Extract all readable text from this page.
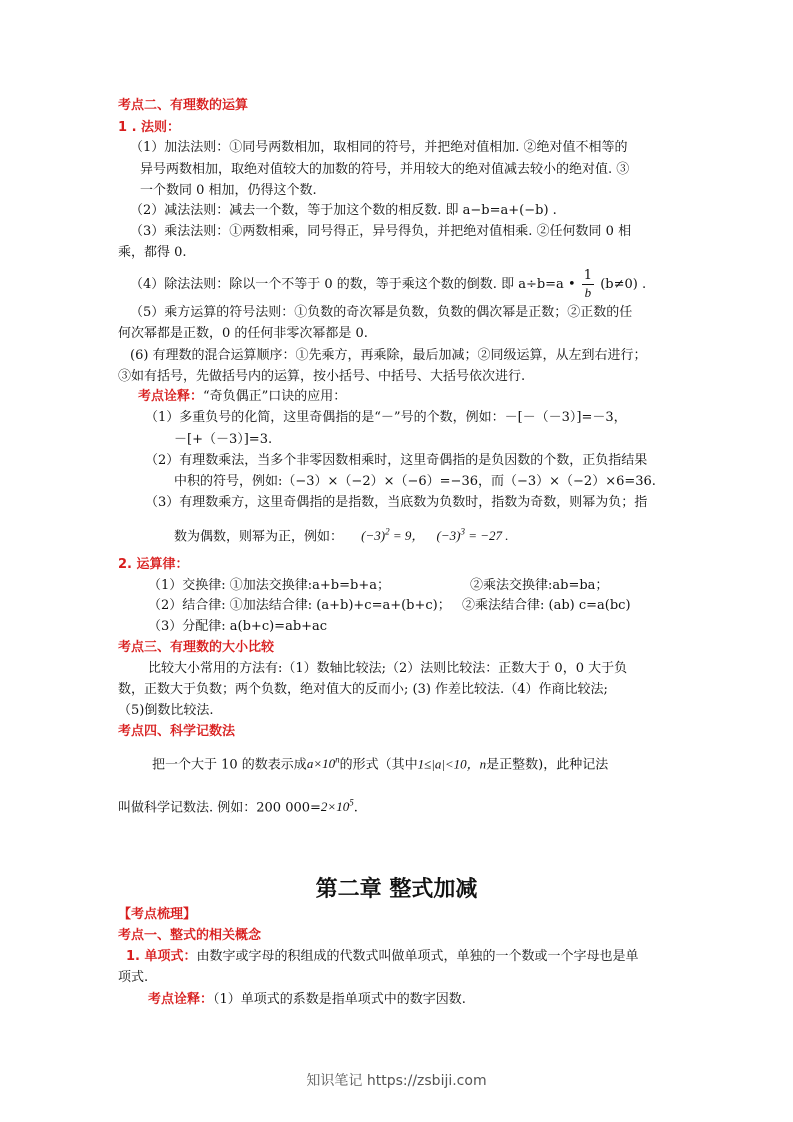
考点二、有理数的运算
1 . 法则：
（1）加法法则：①同号两数相加，取相同的符号，并把绝对值相加. ②绝对值不相等的
异号两数相加，取绝对值较大的加数的符号，并用较大的绝对值减去较小的绝对值. ③
一个数同 0 相加，仍得这个数.
（2）减法法则：减去一个数，等于加这个数的相反数. 即 a−b=a+(−b) .
（3）乘法法则：①两数相乘，同号得正，异号得负，并把绝对值相乘. ②任何数同 0 相
乘，都得 0.
（4）除法法则：除以一个不等于 0 的数，等于乘这个数的倒数. 即 a÷b=a • $\frac{1}{b} (b\ne 0)$ .
（5）乘方运算的符号法则：①负数的奇次幂是负数，负数的偶次幂是正数；②正数的任
何次幂都是正数，0 的任何非零次幂都是 0.
(6) 有理数的混合运算顺序：①先乘方，再乘除，最后加减；②同级运算，从左到右进行；
③如有括号，先做括号内的运算，按小括号、中括号、大括号依次进行.
考点诠释：“奇负偶正”口诀的应用：
（1）多重负号的化简，这里奇偶指的是“－”号的个数，例如：－[－（－3）]=－3，
－[+（－3）]=3.
（2）有理数乘法，当多个非零因数相乘时，这里奇偶指的是负因数的个数，正负指结果
中积的符号，例如:（−3）×（−2）×（−6）=−36，而（−3）×（−2）×6=36.
（3）有理数乘方，这里奇偶指的是指数，当底数为负数时，指数为奇数，则幂为负；指
数为偶数，则幂为正，例如： $(-3)^2 = 9$， $(-3)^3 = -27$ .
2. 运算律：
（1）交换律: ①加法交换律:a+b=b+a；	②乘法交换律:ab=ba；
（2）结合律: ①加法结合律: (a+b)+c=a+(b+c)； ②乘法结合律: (ab) c=a(bc)
（3）分配律: a(b+c)=ab+ac
考点三、有理数的大小比较
比较大小常用的方法有:（1）数轴比较法;（2）法则比较法：正数大于 0，0 大于负
数，正数大于负数；两个负数，绝对值大的反而小; (3) 作差比较法.（4）作商比较法;
（5)倒数比较法.
考点四、科学记数法
把一个大于 10 的数表示成$a\times 10^n$的形式（其中1≤|a|<10，n是正整数)，此种记法
叫做科学记数法. 例如：200 $000=2\times 10^5$.
第二章 整式加减
【考点梳理】
考点一、整式的相关概念
1. 单项式：由数字或字母的积组成的代数式叫做单项式，单独的一个数或一个字母也是单
项式.
考点诠释：（1）单项式的系数是指单项式中的数字因数.
知识笔记 https://zsbiji.com
